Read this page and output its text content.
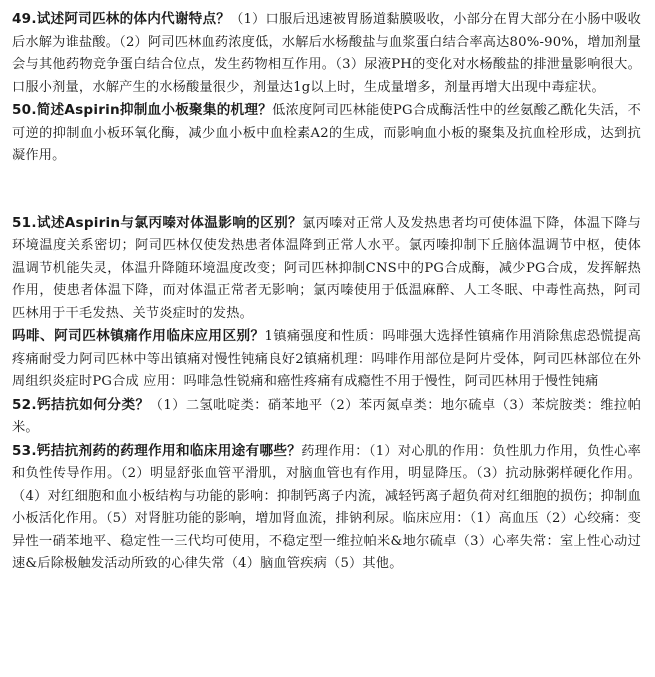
49.试述阿司匹林的体内代谢特点？（1）口服后迅速被胃肠道黏膜吸收，小部分在胃大部分在小肠中吸收后水解为谁盐酸。（2）阿司匹林血药浓度低，水解后水杨酸盐与血浆蛋白结合率高达80%-90%，增加剂量会与其他药物竞争蛋白结合位点，发生药物相互作用。（3）尿液PH的变化对水杨酸盐的排泄量影响很大。口服小剂量，水解产生的水杨酸量很少，剂量达1g以上时，生成量增多，剂量再增大出现中毒症状。

50.简述Aspirin抑制血小板聚集的机理？低浓度阿司匹林能使PG合成酶活性中的丝氨酸乙酰化失活，不可逆的抑制血小板环氧化酶，减少血小板中血栓素A2的生成，而影响血小板的聚集及抗血栓形成，达到抗凝作用。

51.试述Aspirin与氯丙嗪对体温影响的区别？氯丙嗪对正常人及发热患者均可使体温下降，体温下降与环境温度关系密切；阿司匹林仅使发热患者体温降到正常人水平。氯丙嗪抑制下丘脑体温调节中枢，使体温调节机能失灵，体温升降随环境温度改变；阿司匹林抑制CNS中的PG合成酶，减少PG合成，发挥解热作用，使患者体温下降，而对体温正常者无影响；氯丙嗪使用于低温麻醉、人工冬眠、中毒性高热，阿司匹林用于干毛发热、关节炎症时的发热。

吗啡、阿司匹林镇痛作用临床应用区别？1镇痛强度和性质：吗啡强大选择性镇痛作用消除焦虑恐慌提高疼痛耐受力阿司匹林中等出镇痛对慢性钝痛良好2镇痛机理：吗啡作用部位是阿片受体，阿司匹林部位在外周组织炎症时PG合成 应用：吗啡急性锐痛和癌性疼痛有成瘾性不用于慢性，阿司匹林用于慢性钝痛

52.钙拮抗如何分类？（1）二氢吡啶类：硝苯地平（2）苯丙氮卓类：地尔硫卓（3）苯烷胺类：维拉帕米。

53.钙拮抗剂药的药理作用和临床用途有哪些？药理作用：（1）对心肌的作用：负性肌力作用，负性心率和负性传导作用。（2）明显舒张血管平滑肌，对脑血管也有作用，明显降压。（3）抗动脉粥样硬化作用。（4）对红细胞和血小板结构与功能的影响：抑制钙离子内流，减轻钙离子超负荷对红细胞的损伤；抑制血小板活化作用。（5）对肾脏功能的影响，增加肾血流，排钠利尿。临床应用：（1）高血压（2）心绞痛：变异性一硝苯地平、稳定性一三代均可使用，不稳定型一维拉帕米&地尔硫卓（3）心率失常：室上性心动过速&后除极触发活动所致的心律失常（4）脑血管疾病（5）其他。
